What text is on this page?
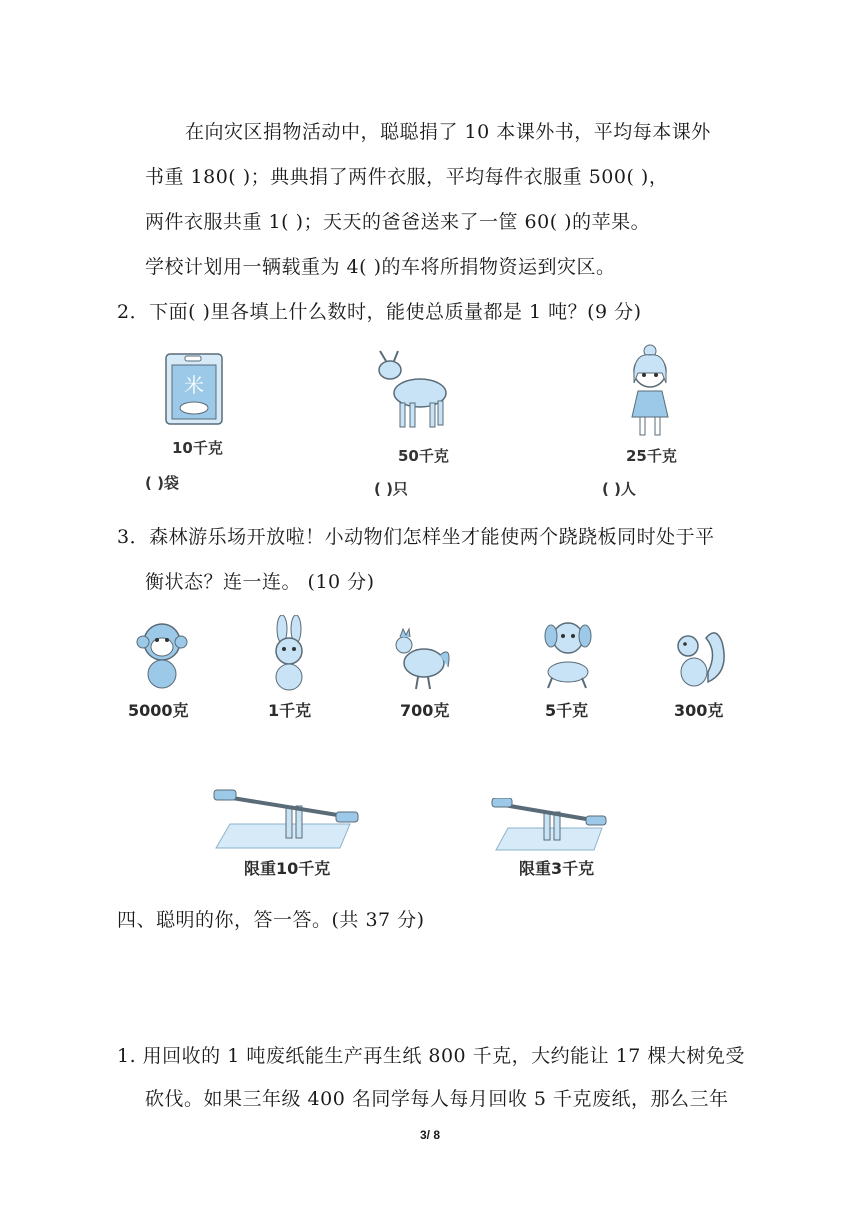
在向灾区捐物活动中，聪聪捐了 10 本课外书，平均每本课外
书重 180( )；典典捐了两件衣服，平均每件衣服重 500( )，
两件衣服共重 1( )；天天的爸爸送来了一筐 60( )的苹果。
学校计划用一辆载重为 4( )的车将所捐物资运到灾区。
2．下面( )里各填上什么数时，能使总质量都是 1 吨？(9 分)
米
10千克
( )袋
50千克
( )只
25千克
( )人
3．森林游乐场开放啦！小动物们怎样坐才能使两个跷跷板同时处于平
衡状态？连一连。 (10 分)
5000克	1千克	700克	5千克	300克
限重10千克	限重3千克
四、聪明的你，答一答。(共 37 分)
1. 用回收的 1 吨废纸能生产再生纸 800 千克，大约能让 17 棵大树免受
砍伐。如果三年级 400 名同学每人每月回收 5 千克废纸，那么三年
3/ 8
